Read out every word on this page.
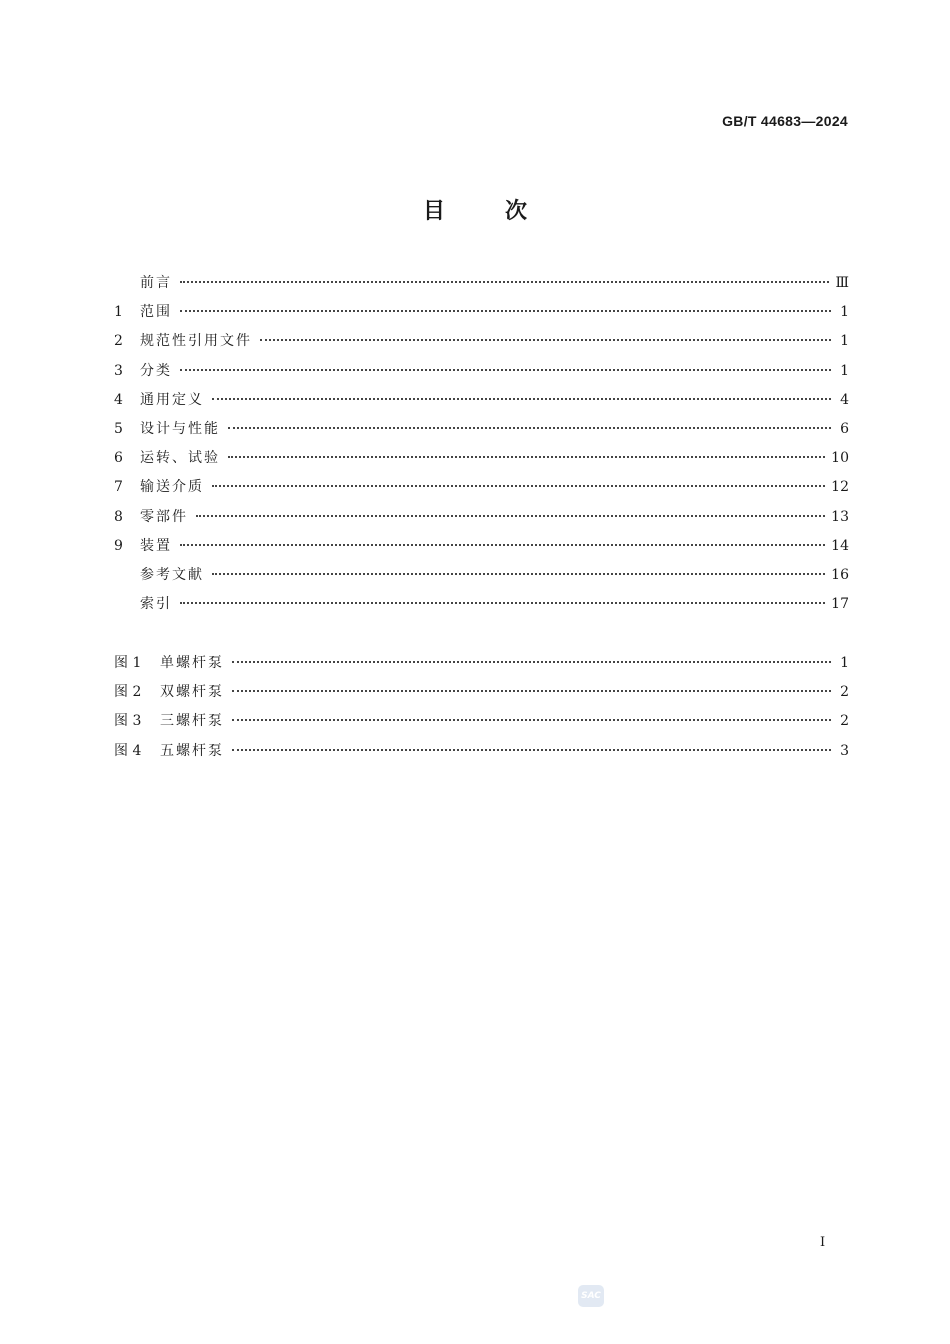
GB/T 44683—2024
目	次
前言	Ⅲ
1	范围	1
2	规范性引用文件	1
3	分类	1
4	通用定义	4
5	设计与性能	6
6	运转、试验	10
7	输送介质	12
8	零部件	13
9	装置	14
参考文献	16
索引	17
图 1	单螺杆泵	1
图 2	双螺杆泵	2
图 3	三螺杆泵	2
图 4	五螺杆泵	3
I
SAC
